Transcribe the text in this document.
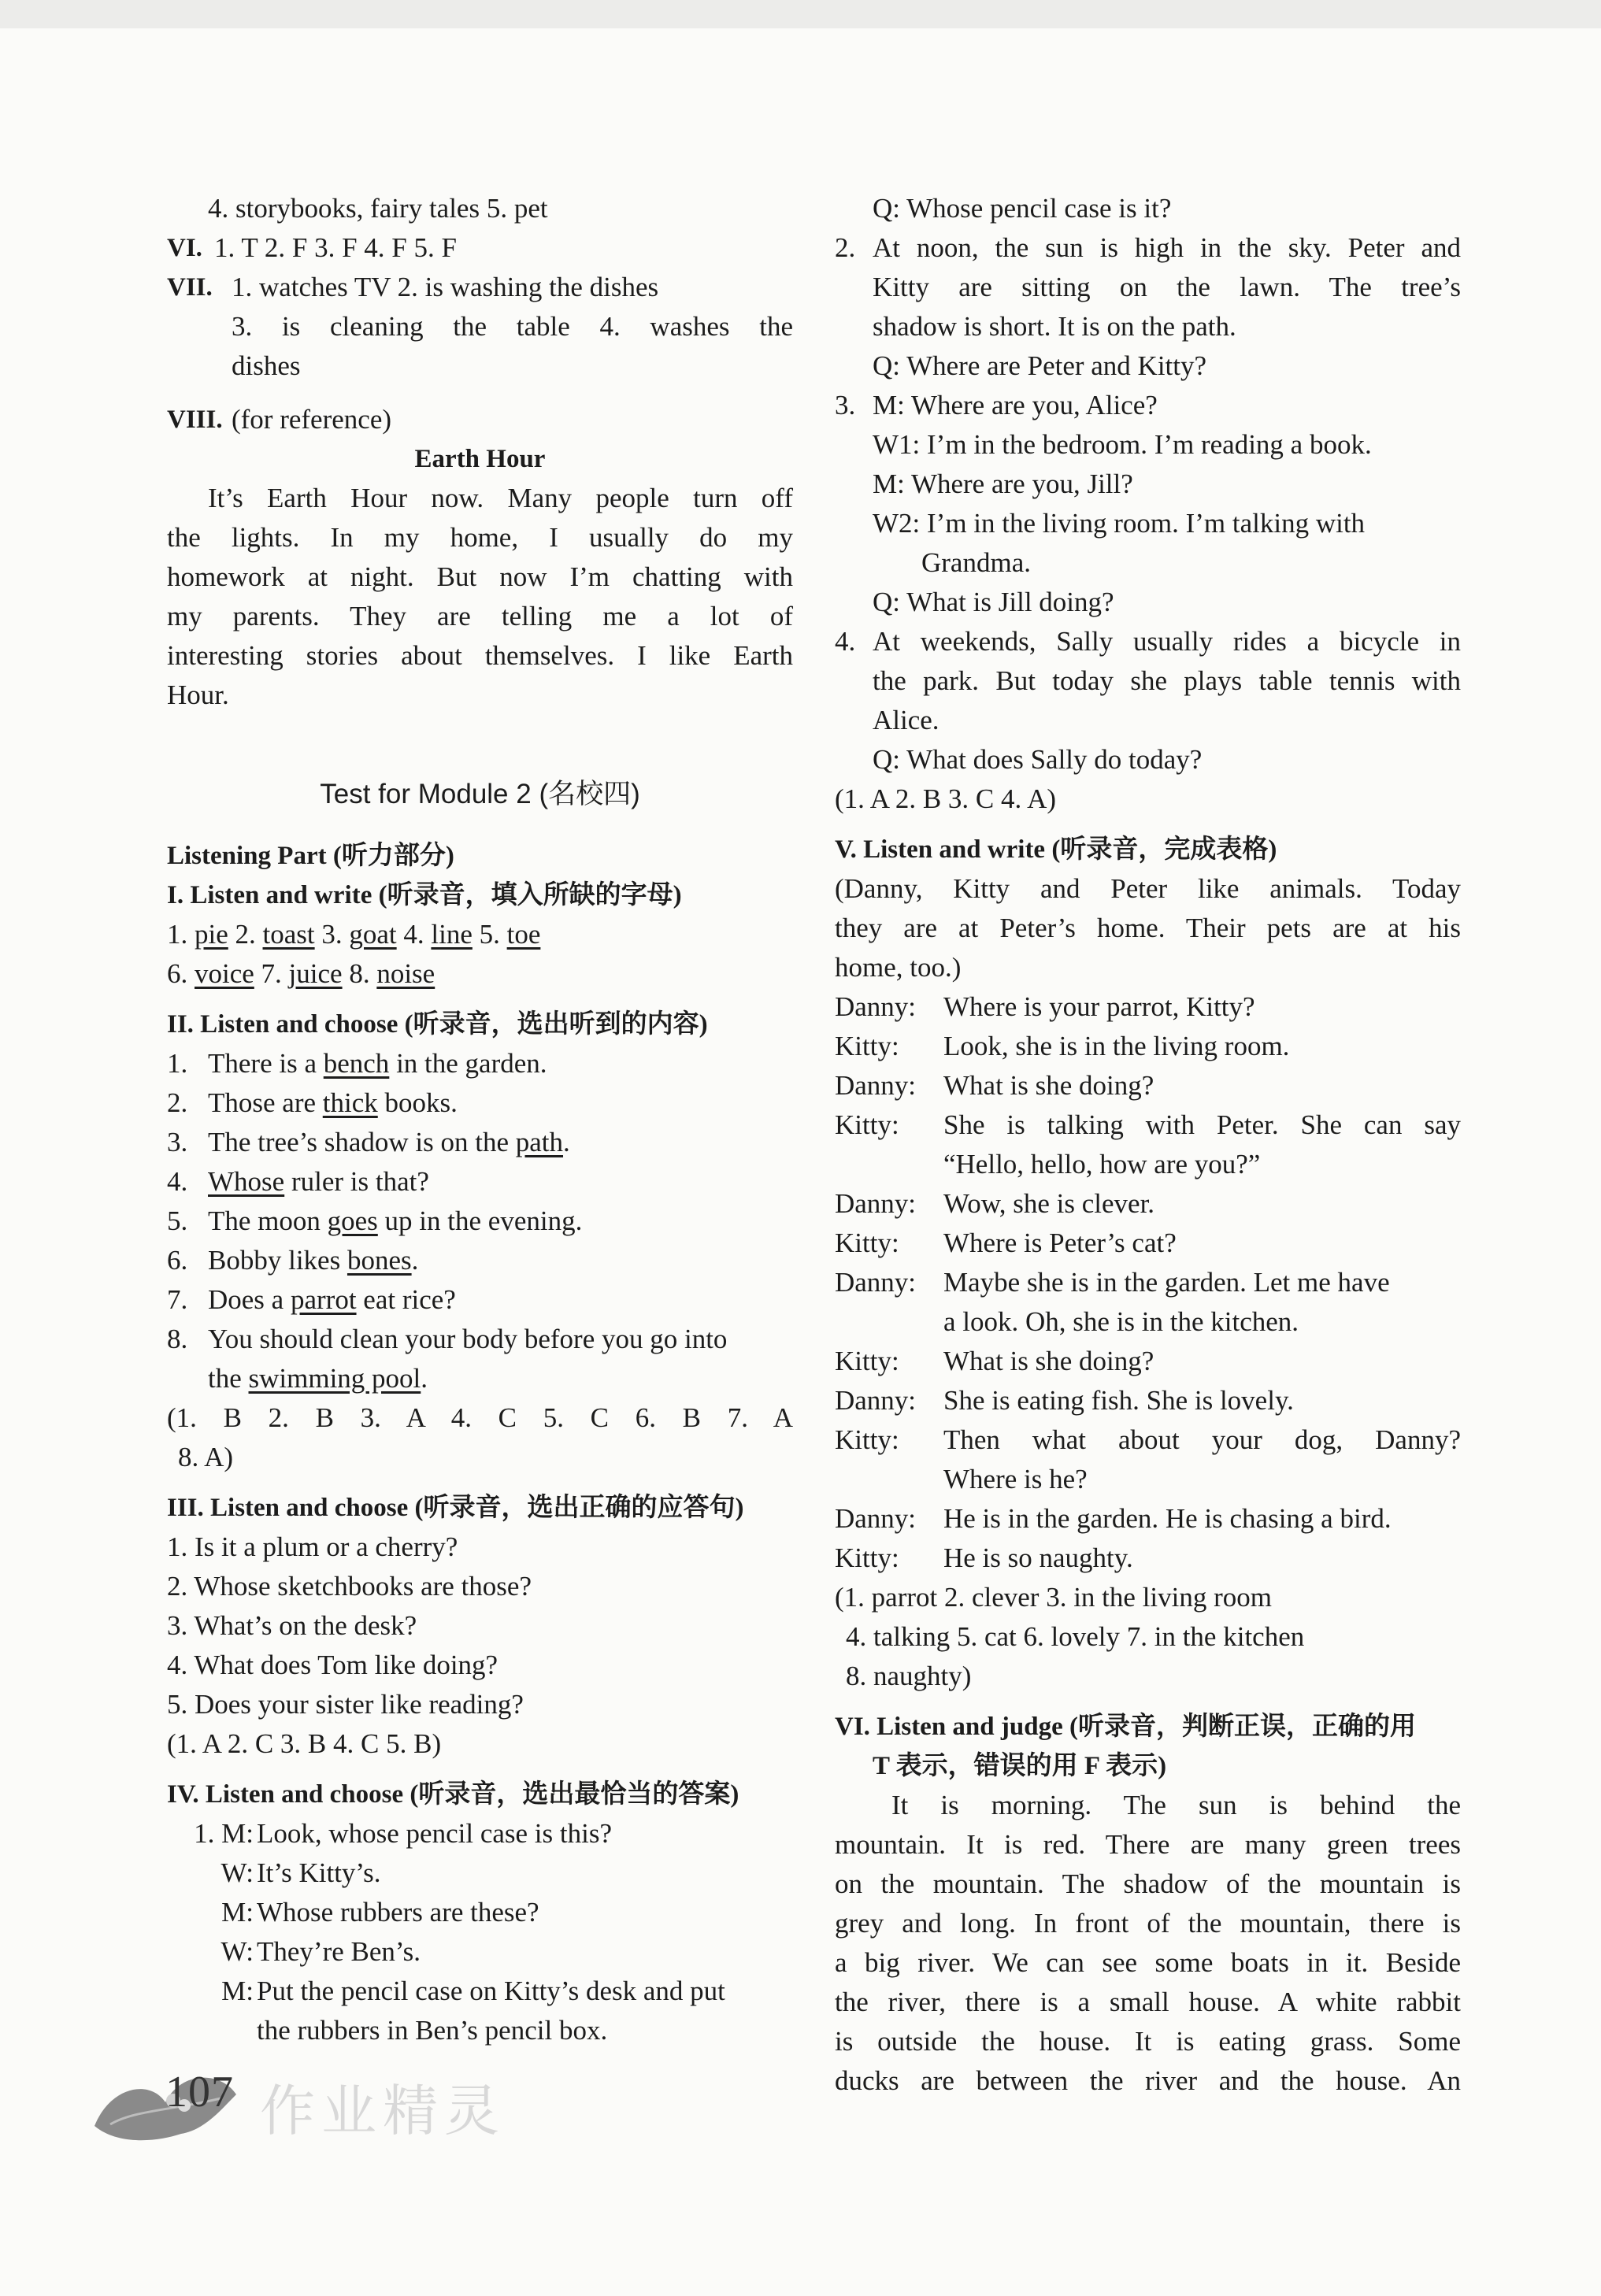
4. storybooks, fairy tales 5. pet
VI. 1. T 2. F 3. F 4. F 5. F
VII. 1. watches TV 2. is washing the dishes
3. is cleaning the table 4. washes the
dishes
VIII. (for reference)
Earth Hour
It’s Earth Hour now. Many people turn off
the lights. In my home, I usually do my
homework at night. But now I’m chatting with
my parents. They are telling me a lot of
interesting stories about themselves. I like Earth
Hour.
Test for Module 2 (名校四)
Listening Part (听力部分)
I. Listen and write (听录音，填入所缺的字母)
1. pie 2. toast 3. goat 4. line 5. toe
6. voice 7. juice 8. noise
II. Listen and choose (听录音，选出听到的内容)
1. There is a bench in the garden.
2. Those are thick books.
3. The tree’s shadow is on the path.
4. Whose ruler is that?
5. The moon goes up in the evening.
6. Bobby likes bones.
7. Does a parrot eat rice?
8. You should clean your body before you go into
the swimming pool.
(1. B 2. B 3. A 4. C 5. C 6. B 7. A
8. A)
III. Listen and choose (听录音，选出正确的应答句)
1. Is it a plum or a cherry?
2. Whose sketchbooks are those?
3. What’s on the desk?
4. What does Tom like doing?
5. Does your sister like reading?
(1. A 2. C 3. B 4. C 5. B)
IV. Listen and choose (听录音，选出最恰当的答案)
1. M: Look, whose pencil case is this?
W: It’s Kitty’s.
M: Whose rubbers are these?
W: They’re Ben’s.
M: Put the pencil case on Kitty’s desk and put
the rubbers in Ben’s pencil box.
Q: Whose pencil case is it?
2. At noon, the sun is high in the sky. Peter and
Kitty are sitting on the lawn. The tree’s
shadow is short. It is on the path.
Q: Where are Peter and Kitty?
3. M: Where are you, Alice?
W1: I’m in the bedroom. I’m reading a book.
M: Where are you, Jill?
W2: I’m in the living room. I’m talking with
Grandma.
Q: What is Jill doing?
4. At weekends, Sally usually rides a bicycle in
the park. But today she plays table tennis with
Alice.
Q: What does Sally do today?
(1. A 2. B 3. C 4. A)
V. Listen and write (听录音，完成表格)
(Danny, Kitty and Peter like animals. Today
they are at Peter’s home. Their pets are at his
home, too.)
Danny: Where is your parrot, Kitty?
Kitty:	Look, she is in the living room.
Danny: What is she doing?
Kitty:	She is talking with Peter. She can say
“Hello, hello, how are you?”
Danny: Wow, she is clever.
Kitty:	Where is Peter’s cat?
Danny: Maybe she is in the garden. Let me have
a look. Oh, she is in the kitchen.
Kitty:	What is she doing?
Danny: She is eating fish. She is lovely.
Kitty:	Then what about your dog, Danny?
Where is he?
Danny: He is in the garden. He is chasing a bird.
Kitty:	He is so naughty.
(1. parrot 2. clever 3. in the living room
4. talking 5. cat 6. lovely 7. in the kitchen
8. naughty)
VI. Listen and judge (听录音，判断正误，正确的用
T 表示，错误的用 F 表示)
It is morning. The sun is behind the
mountain. It is red. There are many green trees
on the mountain. The shadow of the mountain is
grey and long. In front of the mountain, there is
a big river. We can see some boats in it. Beside
the river, there is a small house. A white rabbit
is outside the house. It is eating grass. Some
ducks are between the river and the house. An
107 作业精灵
